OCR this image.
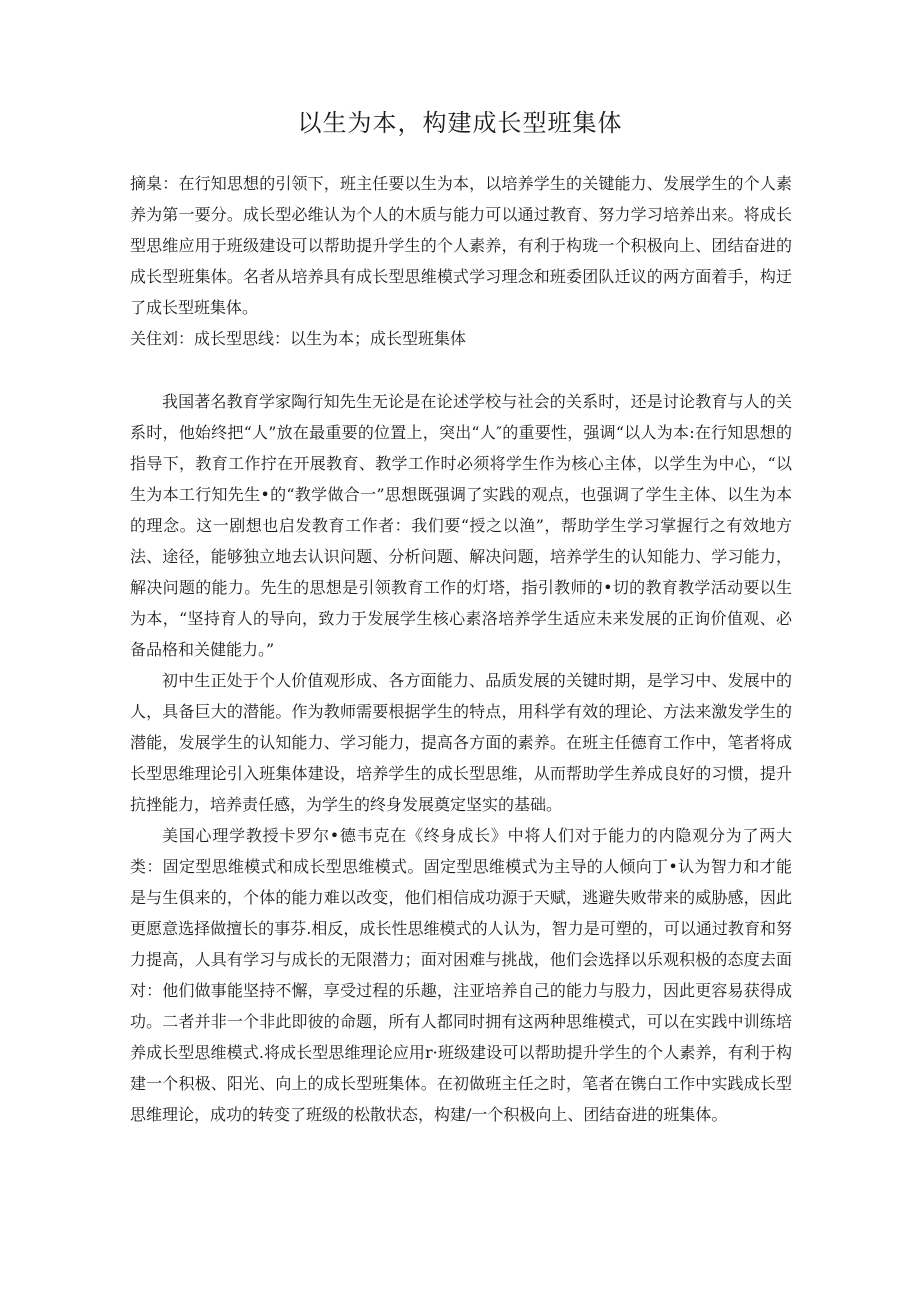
以生为本，构建成长型班集体
摘臬：在行知思想的引领下，班主任要以生为本，以培养学生的关键能力、发展学生的个人素养为第一要分。成长型必维认为个人的木质与能力可以通过教育、努力学习培养出来。将成长型思维应用于班级建设可以帮助提升学生的个人素养，有利于构珑一个积极向上、团结奋进的成长型班集体。名者从培养具有成长型思维模式学习理念和班委团队迁议的两方面着手，构迂了成长型班集体。
关住刘：成长型思线：以生为本；成长型班集体

我国著名教育学家陶行知先生无论是在论述学校与社会的关系时，还是讨论教育与人的关系时，他始终把“人”放在最重要的位置上，突出“人″的重要性，强调“以人为本:在行知思想的指导下，教育工作拧在开展教育、教学工作时必须将学生作为核心主体，以学生为中心，“以生为本工行知先生•的“教学做合一”思想既强调了实践的观点，也强调了学生主体、以生为本的理念。这一剧想也启发教育工作者：我们要“授之以渔”，帮助学生学习掌握行之有效地方法、途径，能够独立地去认识问题、分析问题、解决问题，培养学生的认知能力、学习能力，解决问题的能力。先生的思想是引领教育工作的灯塔，指引教师的•切的教育教学活动要以生为本，“坚持育人的导向，致力于发展学生核心素洛培养学生适应未来发展的正询价值观、必备品格和关健能力。”

初中生正处于个人价值观形成、各方面能力、品质发展的关键时期，是学习中、发展中的人，具备巨大的潜能。作为教师需要根据学生的特点，用科学有效的理论、方法来激发学生的潜能，发展学生的认知能力、学习能力，提高各方面的素养。在班主任德育工作中，笔者将成长型思维理论引入班集体建设，培养学生的成长型思维，从而帮助学生养成良好的习惯，提升抗挫能力，培养责任感，为学生的终身发展奠定坚实的基础。

美国心理学教授卡罗尔•德韦克在《终身成长》中将人们对于能力的内隐观分为了两大类：固定型思维模式和成长型思维模式。固定型思维模式为主导的人倾向丁•认为智力和才能是与生俱来的，个体的能力难以改变，他们相信成功源于天赋，逃避失败带来的威胁感，因此更愿意选择做擅长的事芬.相反，成长性思维模式的人认为，智力是可塑的，可以通过教育和努力提高，人具有学习与成长的无限潜力；面对困难与挑战，他们会选择以乐观积极的态度去面对：他们做事能坚持不懈，享受过程的乐趣，注亚培养自己的能力与股力，因此更容易获得成功。二者并非一个非此即彼的命题，所有人都同时拥有这两种思维模式，可以在实践中训练培养成长型思维模式.将成长型思维理论应用r·班级建设可以帮助提升学生的个人素养，有利于构建一个积极、阳光、向上的成长型班集体。在初做班主任之时，笔者在镌白工作中实践成长型思维理论，成功的转变了班级的松散状态，构建/一个积极向上、团结奋进的班集体。
